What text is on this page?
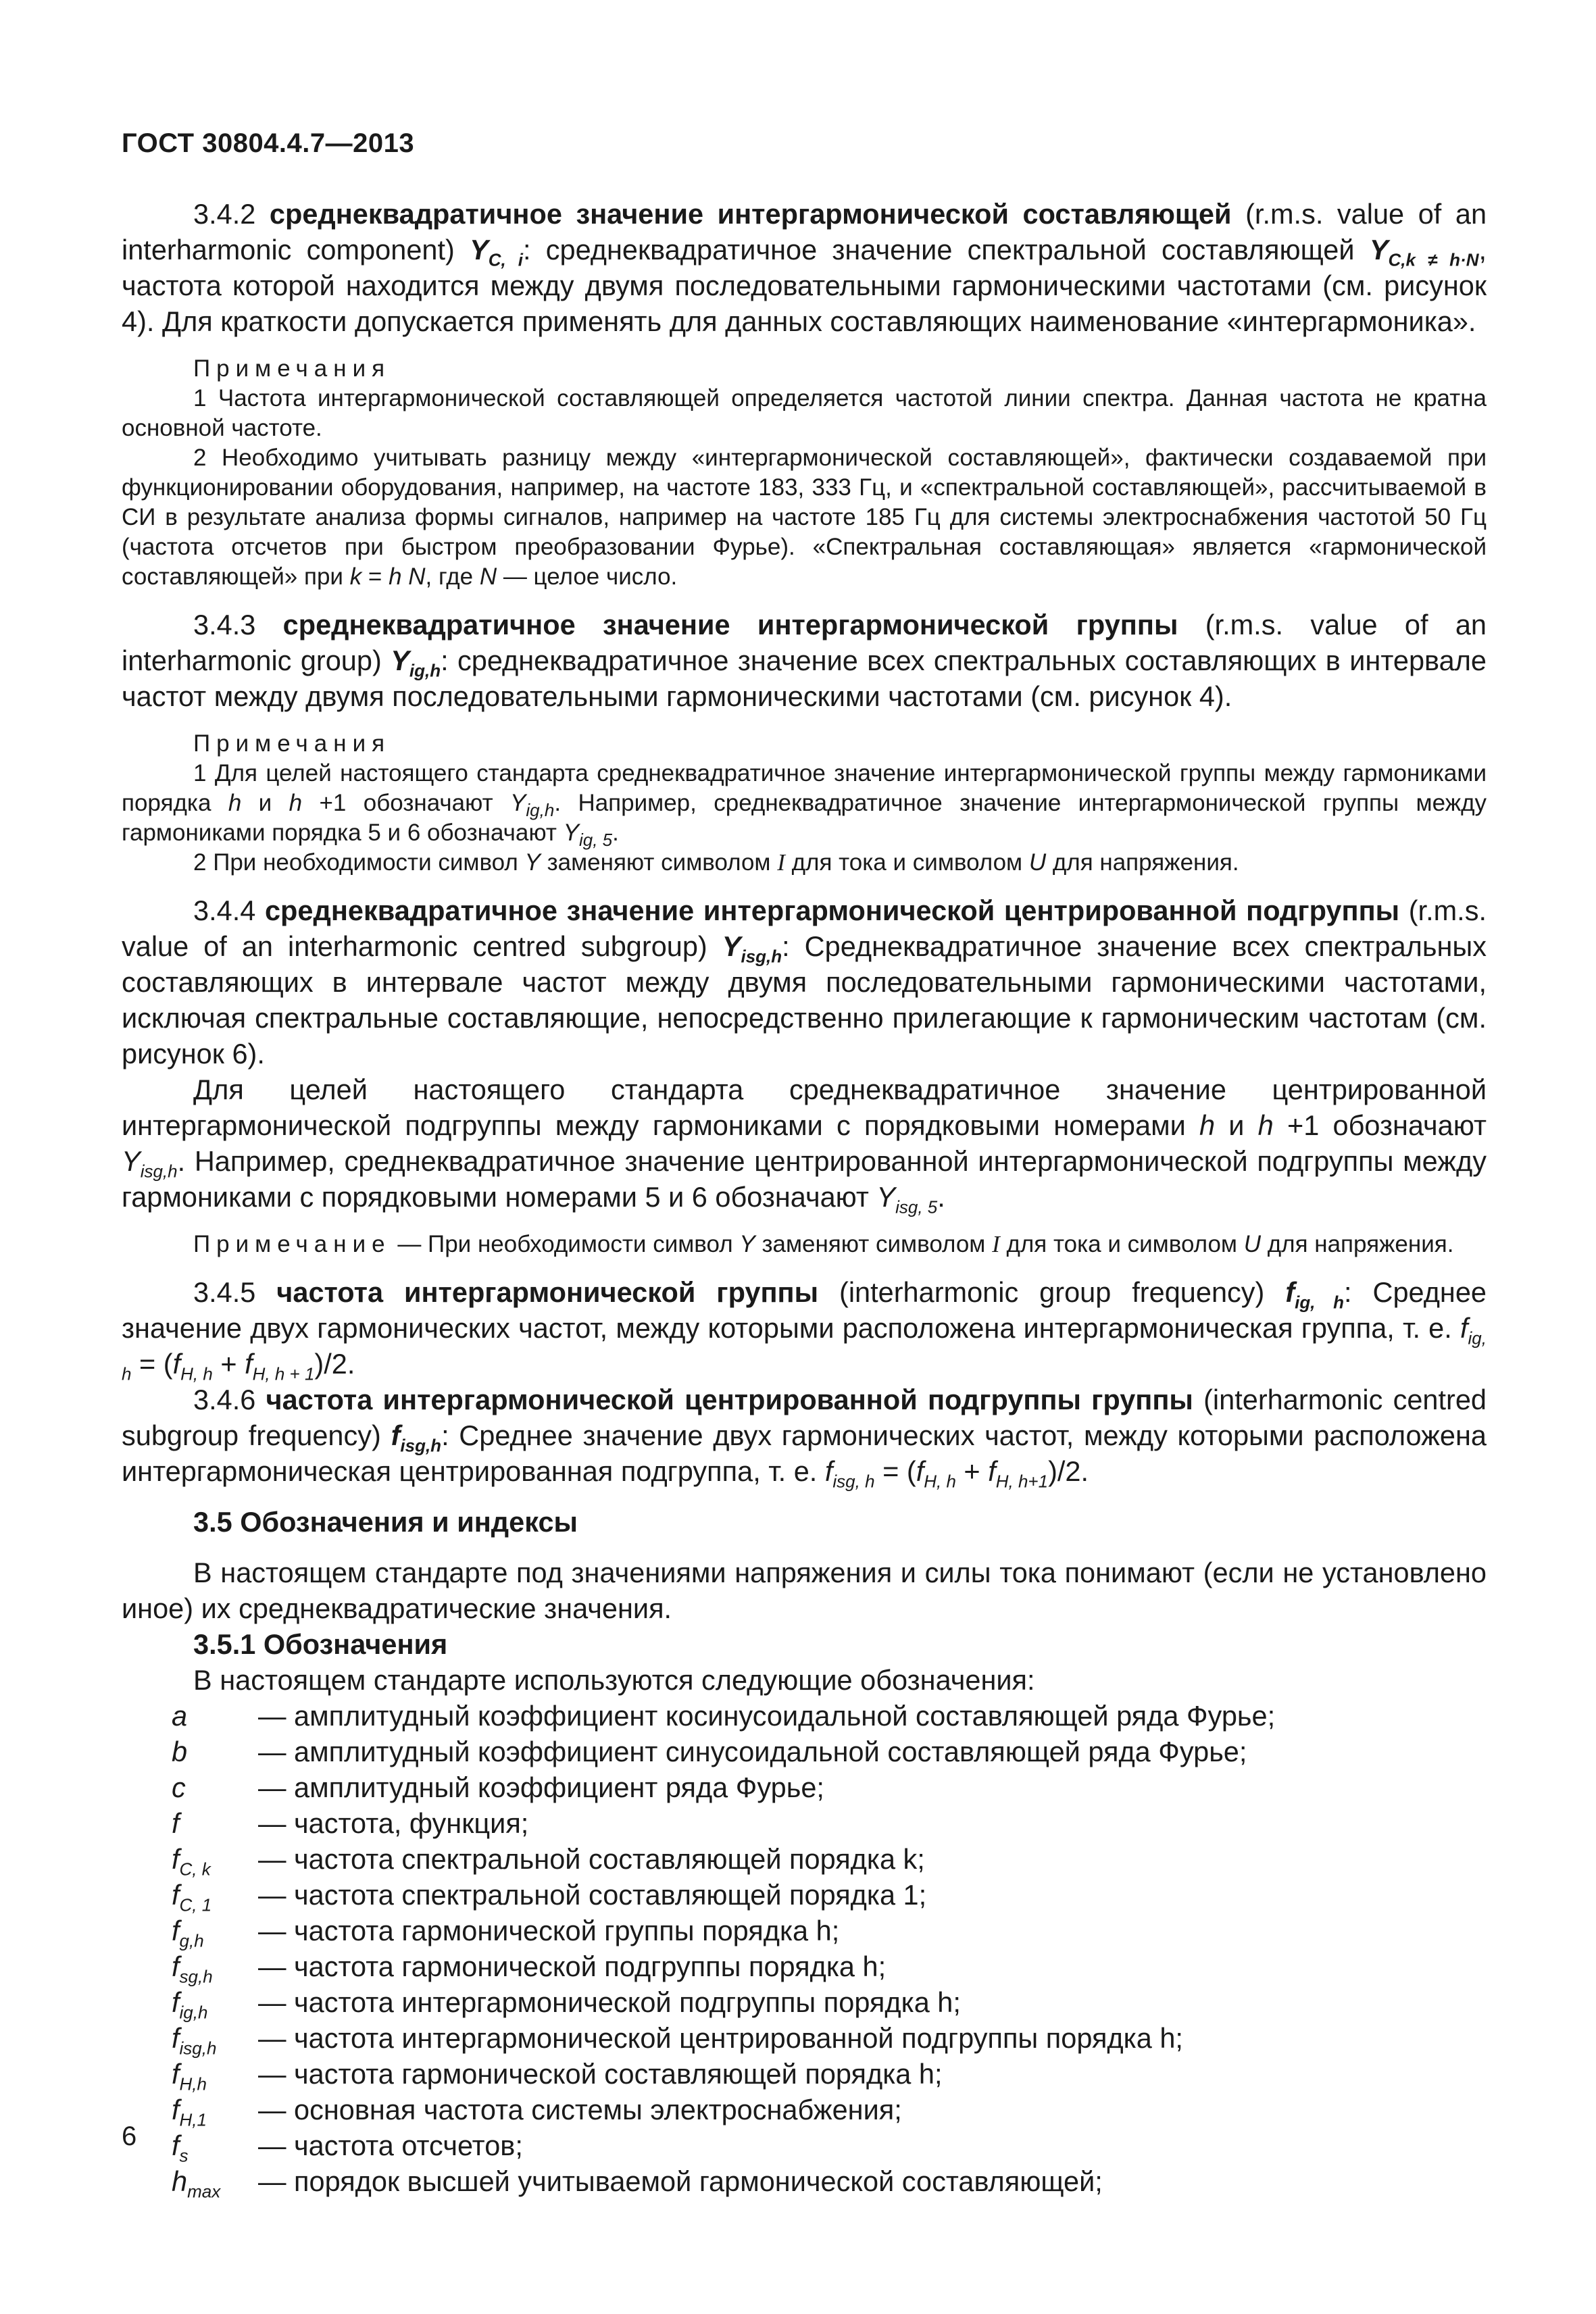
ГОСТ 30804.4.7—2013

3.4.2 среднеквадратичное значение интергармонической составляющей (r.m.s. value of an interharmonic component) $Y_{C, i}$: среднеквадратичное значение спектральной составляющей $Y_{C,k \ne h\cdot N}$, частота которой находится между двумя последовательными гармоническими частотами (см. рисунок 4). Для краткости допускается применять для данных составляющих наименование «интергармоника».

Примечания

1 Частота интергармонической составляющей определяется частотой линии спектра. Данная частота не кратна основной частоте.

2 Необходимо учитывать разницу между «интергармонической составляющей», фактически создаваемой при функционировании оборудования, например, на частоте 183, 333 Гц, и «спектральной составляющей», рассчитываемой в СИ в результате анализа формы сигналов, например на частоте 185 Гц для системы электроснабжения частотой 50 Гц (частота отсчетов при быстром преобразовании Фурье). «Спектральная составляющая» является «гармонической составляющей» при k = h N, где N — целое число.

3.4.3 среднеквадратичное значение интергармонической группы (r.m.s. value of an interharmonic group) $Y_{ig,h}$: среднеквадратичное значение всех спектральных составляющих в интервале частот между двумя последовательными гармоническими частотами (см. рисунок 4).

Примечания

1 Для целей настоящего стандарта среднеквадратичное значение интергармонической группы между гармониками порядка h и h +1 обозначают $Y_{ig,h}$. Например, среднеквадратичное значение интергармонической группы между гармониками порядка 5 и 6 обозначают $Y_{ig, 5}$.

2 При необходимости символ Y заменяют символом I для тока и символом U для напряжения.

3.4.4 среднеквадратичное значение интергармонической центрированной подгруппы (r.m.s. value of an interharmonic centred subgroup) $Y_{isg,h}$: Среднеквадратичное значение всех спектральных составляющих в интервале частот между двумя последовательными гармоническими частотами, исключая спектральные составляющие, непосредственно прилегающие к гармоническим частотам (см. рисунок 6).

Для целей настоящего стандарта среднеквадратичное значение центрированной интергармонической подгруппы между гармониками с порядковыми номерами h и h +1 обозначают $Y_{isg,h}$. Например, среднеквадратичное значение центрированной интергармонической подгруппы между гармониками с порядковыми номерами 5 и 6 обозначают $Y_{isg, 5}$.

Примечание — При необходимости символ Y заменяют символом I для тока и символом U для напряжения.

3.4.5 частота интергармонической группы (interharmonic group frequency) $f_{ig, h}$: Среднее значение двух гармонических частот, между которыми расположена интергармоническая группа, т. е. $f_{ig, h} = (f_{H, h} + f_{H, h + 1})/2$.

3.4.6 частота интергармонической центрированной подгруппы группы (interharmonic centred subgroup frequency) $f_{isg,h}$: Среднее значение двух гармонических частот, между которыми расположена интергармоническая центрированная подгруппа, т. е. $f_{isg, h} = (f_{H, h} + f_{H, h+1})/2$.

3.5 Обозначения и индексы

В настоящем стандарте под значениями напряжения и силы тока понимают (если не установлено иное) их среднеквадратические значения.

3.5.1 Обозначения

В настоящем стандарте используются следующие обозначения:

a	— амплитудный коэффициент косинусоидальной составляющей ряда Фурье;
b	— амплитудный коэффициент синусоидальной составляющей ряда Фурье;
c	— амплитудный коэффициент ряда Фурье;
f	— частота, функция;
$f_{C, k}$	— частота спектральной составляющей порядка k;
$f_{C, 1}$	— частота спектральной составляющей порядка 1;
$f_{g,h}$	— частота гармонической группы порядка h;
$f_{sg,h}$	— частота гармонической подгруппы порядка h;
$f_{ig,h}$	— частота интергармонической подгруппы порядка h;
$f_{isg,h}$	— частота интергармонической центрированной подгруппы порядка h;
$f_{H,h}$	— частота гармонической составляющей порядка h;
$f_{H,1}$	— основная частота системы электроснабжения;
$f_s$	— частота отсчетов;
$h_{max}$	— порядок высшей учитываемой гармонической составляющей;
6
